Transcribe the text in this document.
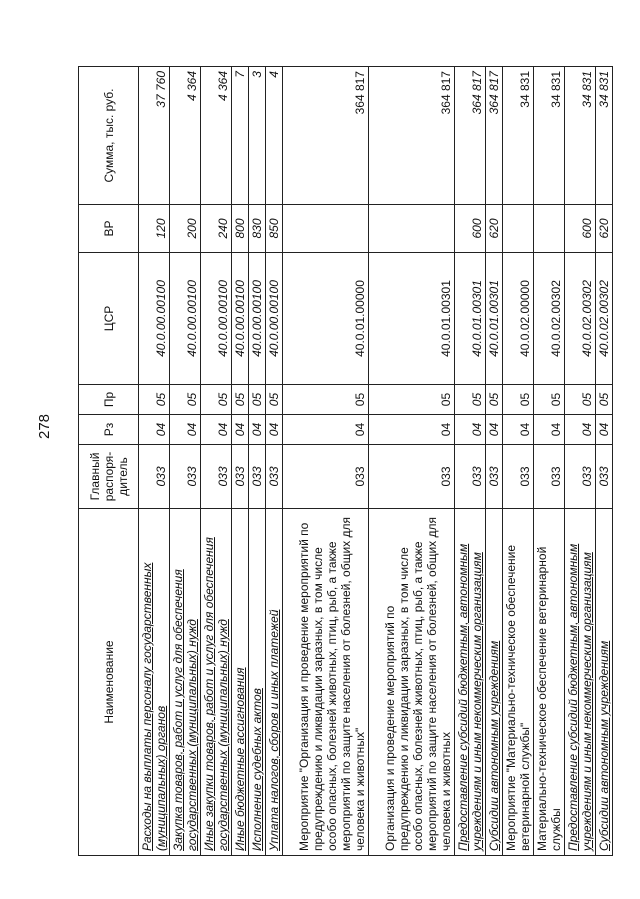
278
Наименование	Главный распоря- дитель	Рз	Пр	ЦСР	ВР	Сумма, тыс. руб.
Расходы на выплаты персоналу государственных (муниципальных) органов	033	04	05	40.0.00.00100	120	37 760
Закупка товаров, работ и услуг для обеспечения государственных (муниципальных) нужд	033	04	05	40.0.00.00100	200	4 364
Иные закупки товаров, работ и услуг для обеспечения государственных (муниципальных) нужд	033	04	05	40.0.00.00100	240	4 364
Иные бюджетные ассигнования	033	04	05	40.0.00.00100	800	7
Исполнение судебных актов	033	04	05	40.0.00.00100	830	3
Уплата налогов, сборов и иных платежей	033	04	05	40.0.00.00100	850	4
Мероприятие "Организация и проведение мероприятий по предупреждению и ликвидации заразных, в том числе особо опасных, болезней животных, птиц, рыб, а также мероприятий по защите населения от болезней, общих для человека и животных"	033	04	05	40.0.01.00000		364 817
Организация и проведение мероприятий по предупреждению и ликвидации заразных, в том числе особо опасных, болезней животных, птиц, рыб, а также мероприятий по защите населения от болезней, общих для человека и животных	033	04	05	40.0.01.00301		364 817
Предоставление субсидий бюджетным, автономным учреждениям и иным некоммерческим организациям	033	04	05	40.0.01.00301	600	364 817
Субсидии автономным учреждениям	033	04	05	40.0.01.00301	620	364 817
Мероприятие "Материально-техническое обеспечение ветеринарной службы"	033	04	05	40.0.02.00000		34 831
Материально-техническое обеспечение ветеринарной службы	033	04	05	40.0.02.00302		34 831
Предоставление субсидий бюджетным, автономным учреждениям и иным некоммерческим организациям	033	04	05	40.0.02.00302	600	34 831
Субсидии автономным учреждениям	033	04	05	40.0.02.00302	620	34 831
